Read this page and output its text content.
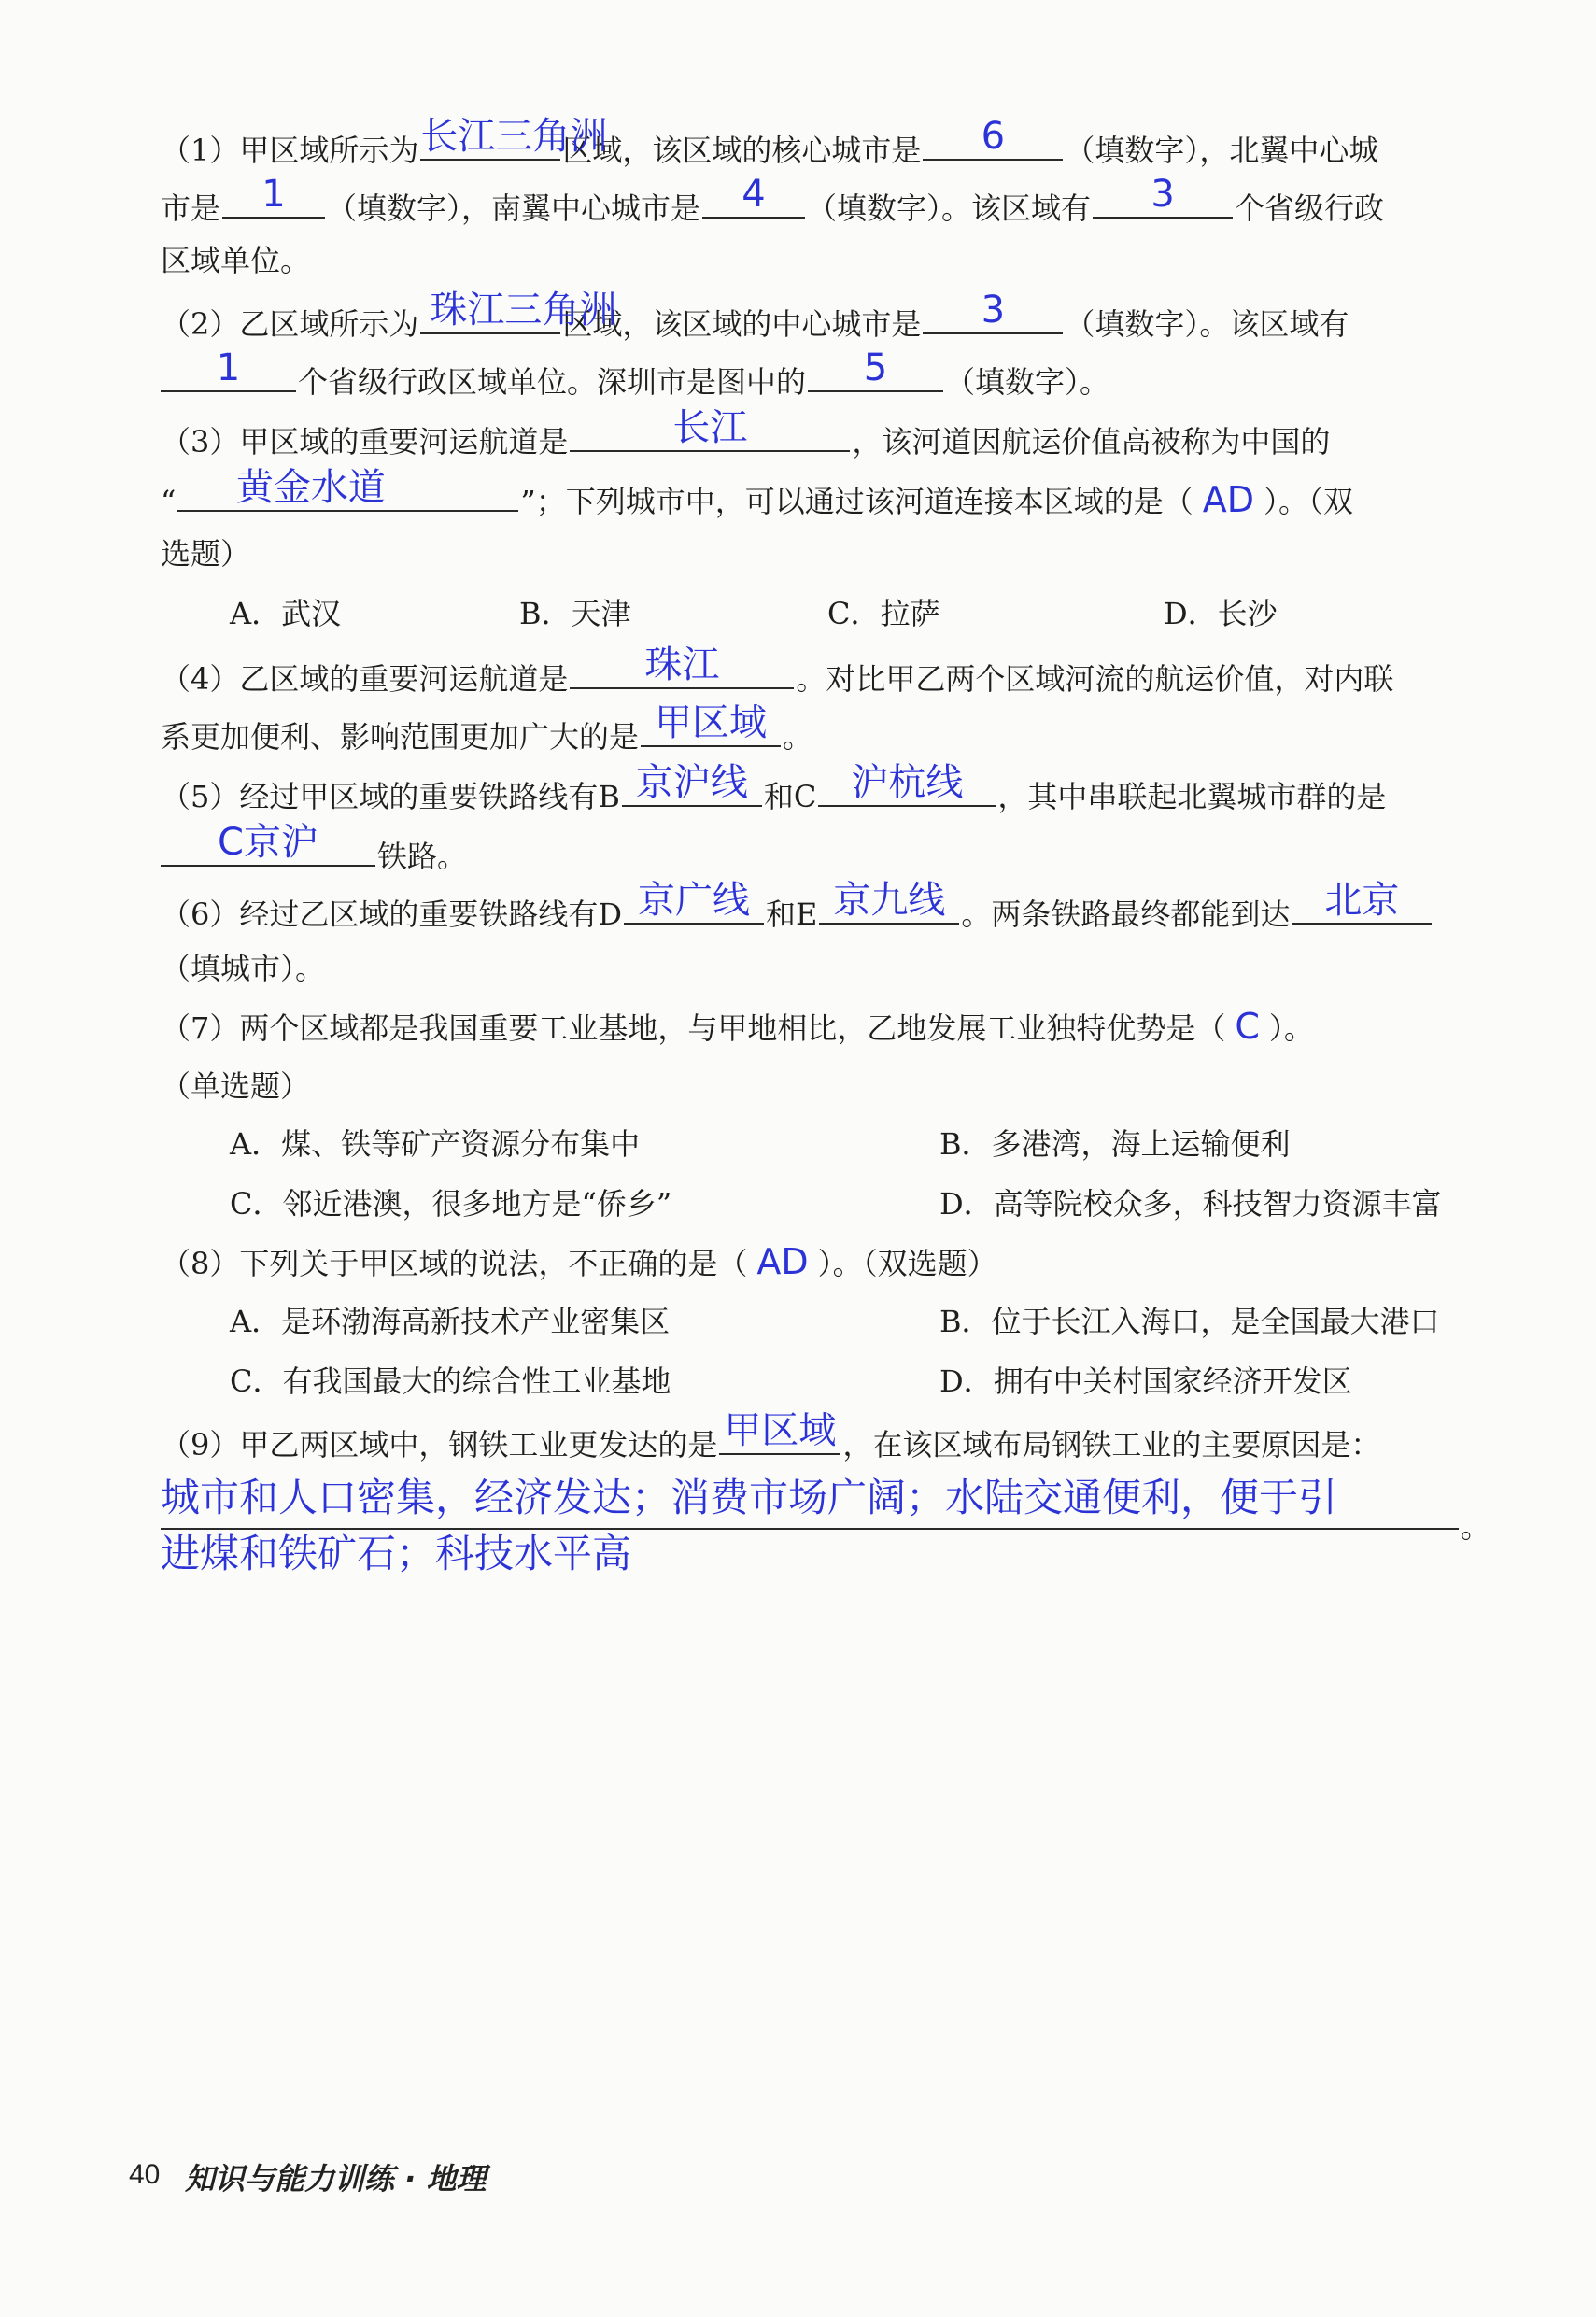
（1）甲区域所示为 长江三角洲
区域，该区域的核心城市是	6	（填数字），北翼中心城
市是	1	（填数字），南翼中心城市是	4	（填数字）。该区域有	3	个省级行政
区域单位。
（2）乙区域所示为 珠江三角洲
区域，该区域的中心城市是	3	（填数字）。该区域有
1	个省级行政区域单位。深圳市是图中的	5	（填数字）。
（3）甲区域的重要河运航道是	长江	，该河道因航运价值高被称为中国的
“	黄金水道	”；下列城市中，可以通过该河道连接本区域的是（ AD ）。（双
选题）
A．武汉	B．天津	C．拉萨	D．长沙
（4）乙区域的重要河运航道是	珠江	。对比甲乙两个区域河流的航运价值，对内联
系更加便利、影响范围更加广大的是 甲区域 。
（5）经过甲区域的重要铁路线有B 京沪线 和C 沪杭线	，其中串联起北翼城市群的是
C京沪	铁路。
（6）经过乙区域的重要铁路线有D 京广线 和E 京九线 。两条铁路最终都能到达 北京
（填城市）。
（7）两个区域都是我国重要工业基地，与甲地相比，乙地发展工业独特优势是（ C ）。
（单选题）
A．煤、铁等矿产资源分布集中	B．多港湾，海上运输便利
C．邻近港澳，很多地方是“侨乡”	D．高等院校众多，科技智力资源丰富
（8）下列关于甲区域的说法，不正确的是（ AD ）。（双选题）
A．是环渤海高新技术产业密集区	B．位于长江入海口，是全国最大港口
C．有我国最大的综合性工业基地	D．拥有中关村国家经济开发区
（9）甲乙两区域中，钢铁工业更发达的是 甲区域 ，在该区域布局钢铁工业的主要原因是：
城市和人口密集，经济发达；消费市场广阔；水陆交通便利，便于引
。
进煤和铁矿石；科技水平高
40 知识与能力训练 · 地理
